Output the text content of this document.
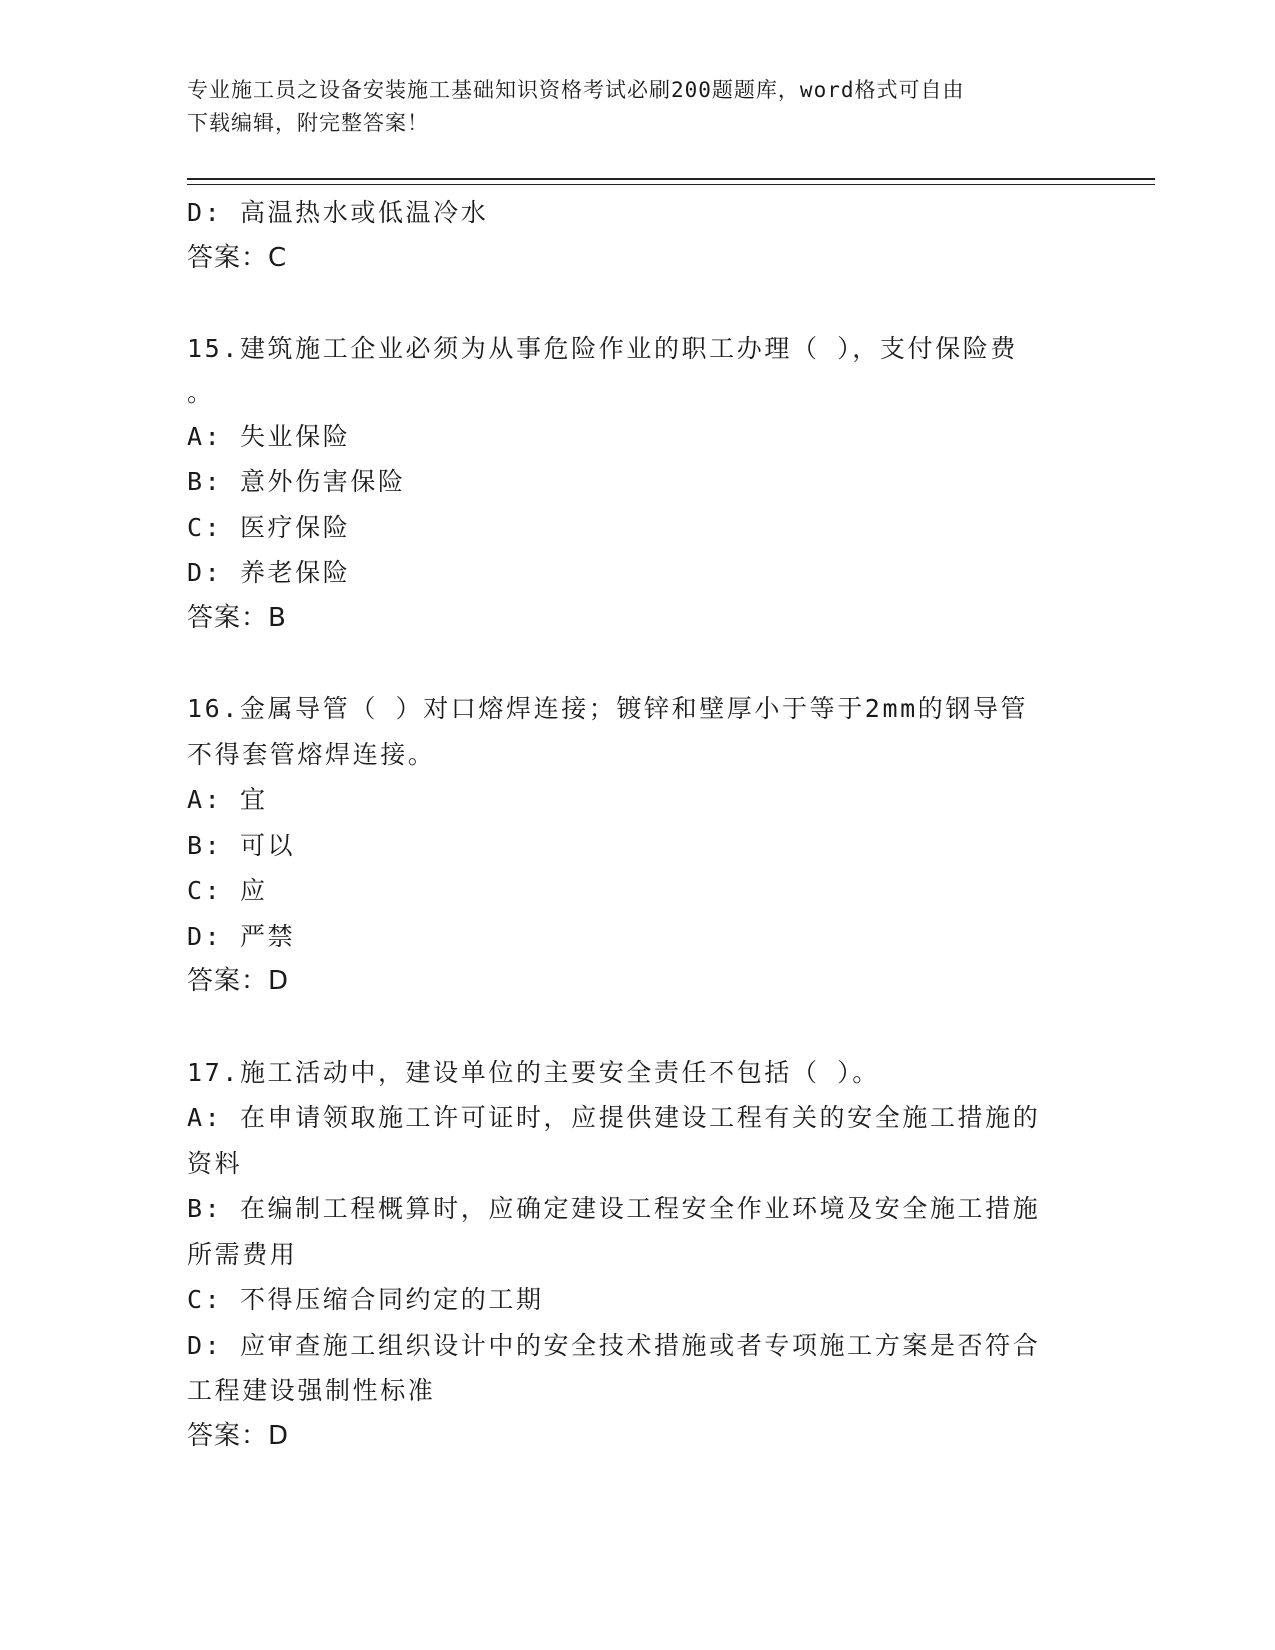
专业施工员之设备安装施工基础知识资格考试必刷200题题库，word格式可自由
下载编辑，附完整答案！
D: 高温热水或低温冷水
答案：C
15.建筑施工企业必须为从事危险作业的职工办理（ ），支付保险费
。
A: 失业保险
B: 意外伤害保险
C: 医疗保险
D: 养老保险
答案：B
16.金属导管（ ）对口熔焊连接；镀锌和壁厚小于等于2mm的钢导管
不得套管熔焊连接。
A: 宜
B: 可以
C: 应
D: 严禁
答案：D
17.施工活动中，建设单位的主要安全责任不包括（ ）。
A: 在申请领取施工许可证时，应提供建设工程有关的安全施工措施的
资料
B: 在编制工程概算时，应确定建设工程安全作业环境及安全施工措施
所需费用
C: 不得压缩合同约定的工期
D: 应审查施工组织设计中的安全技术措施或者专项施工方案是否符合
工程建设强制性标准
答案：D
